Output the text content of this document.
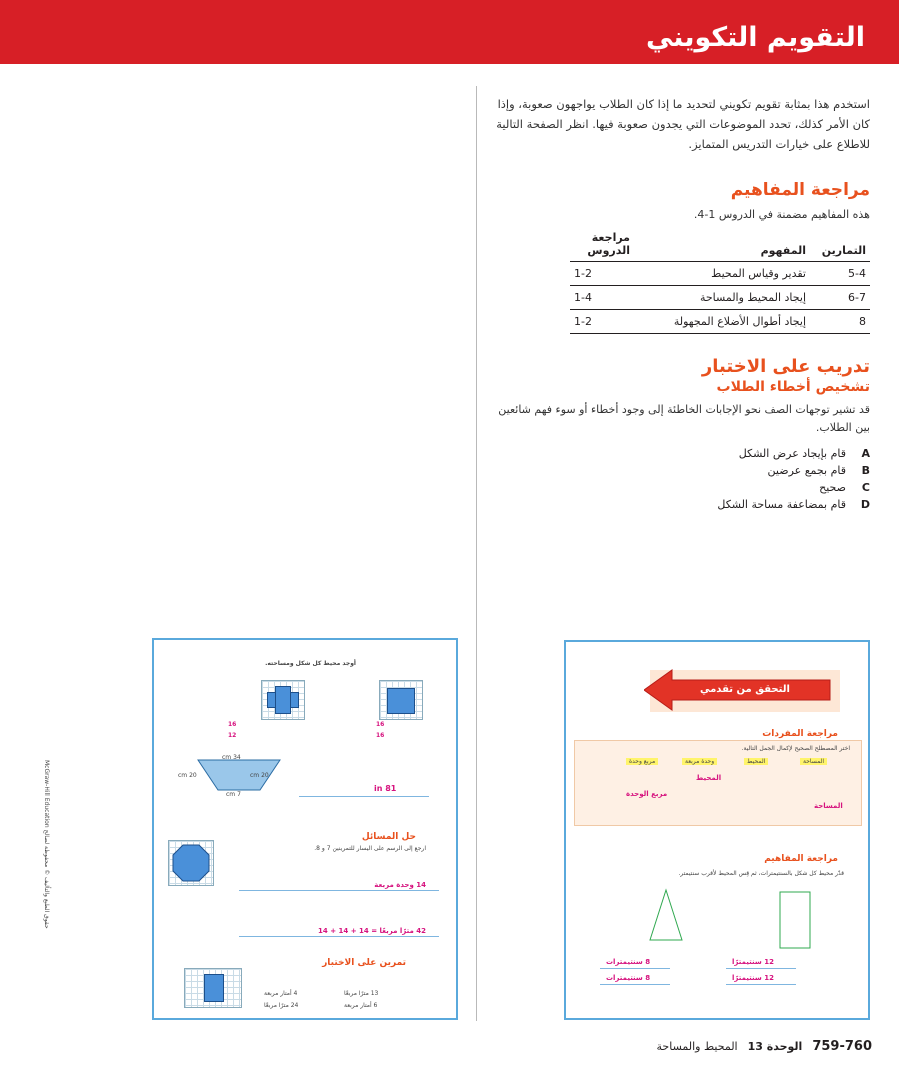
التقويم التكويني

استخدم هذا بمثابة تقويم تكويني لتحديد ما إذا كان الطلاب يواجهون صعوبة، وإذا كان الأمر كذلك، تحدد الموضوعات التي يجدون صعوبة فيها. انظر الصفحة التالية للاطلاع على خيارات التدريس المتمايز.

مراجعة المفاهيم

هذه المفاهيم مضمنة في الدروس 1-4.

التمارين	المفهوم	مراجعة الدروس
5-4	تقدير وقياس المحيط	1-2
6-7	إيجاد المحيط والمساحة	1-4
8	إيجاد أطوال الأضلاع المجهولة	1-2
تدريب على الاختبار
تشخيص أخطاء الطلاب

قد تشير توجهات الصف نحو الإجابات الخاطئة إلى وجود أخطاء أو سوء فهم شائعين بين الطلاب.

A
قام بإيجاد عرض الشكل
B
قام بجمع عرضين
C
صحيح
D
قام بمضاعفة مساحة الشكل
McGraw-Hill Education حقوق الطبع والتأليف © محفوظة لصالح
أوجد محيط كل شكل ومساحته.
16
12
16
16
34 cm
20 cm	20 cm
7 cm
81 in
حل المسائل
ارجع إلى الرسم على اليسار للتمرينين 7 و 8.
14 وحدة مربعة
42 مترًا مربعًا = 14 + 14 + 14
تمرين على الاختبار
4 أمتار مربعة
24 مترًا مربعًا
13 مترًا مربعًا
6 أمتار مربعة
التحقق من تقدمي
مراجعة المفردات
اختر المصطلح الصحيح لإكمال الجمل التالية.
مربع وحدة	وحدة مربعة	المحيط	المساحة
المحيط
مربع الوحدة
المساحة
مراجعة المفاهيم
قدّر محيط كل شكل بالسنتيمترات، ثم قِس المحيط لأقرب سنتيمتر.
12 سنتيمترًا
12 سنتيمترًا
8 سنتيمترات
8 سنتيمترات
759-760
الوحدة 13
المحيط والمساحة
